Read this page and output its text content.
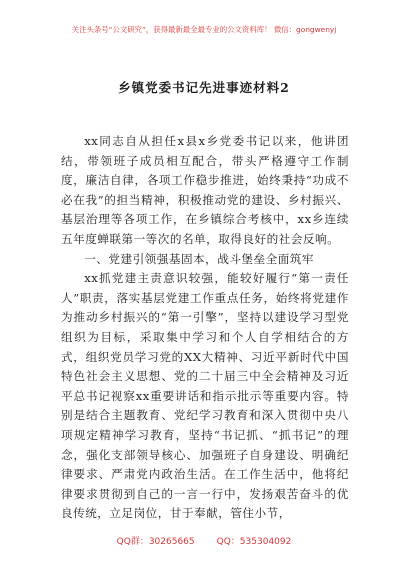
关注头条号“公文研究”，获得最新最全最专业的公文资料库！ 微信：gongwenyj
乡镇党委书记先进事迹材料2

xx同志自从担任x县x乡党委书记以来，他讲团结，带领班子成员相互配合，带头严格遵守工作制度，廉洁自律，各项工作稳步推进，始终秉持“功成不必在我”的担当精神，积极推动党的建设、乡村振兴、基层治理等各项工作，在乡镇综合考核中，xx乡连续五年度蝉联第一等次的名单，取得良好的社会反响。

一、党建引领强基固本，战斗堡垒全面筑牢

xx抓党建主责意识较强，能较好履行“第一责任人”职责，落实基层党建工作重点任务，始终将党建作为推动乡村振兴的“第一引擎”，坚持以建设学习型党组织为目标，采取集中学习和个人自学相结合的方式，组织党员学习党的XX大精神、习近平新时代中国特色社会主义思想、党的二十届三中全会精神及习近平总书记视察xx重要讲话和指示批示等重要内容。特别是结合主题教育、党纪学习教育和深入贯彻中央八项规定精神学习教育，坚持“书记抓、“抓书记”的理念，强化支部领导核心、加强班子自身建设、明确纪律要求、严肃党内政治生活。在工作生活中，他将纪律要求贯彻到自己的一言一行中，发扬艰苦奋斗的优良传统，立足岗位，甘于奉献，管住小节，

QQ群：30265665 QQ：535304092
